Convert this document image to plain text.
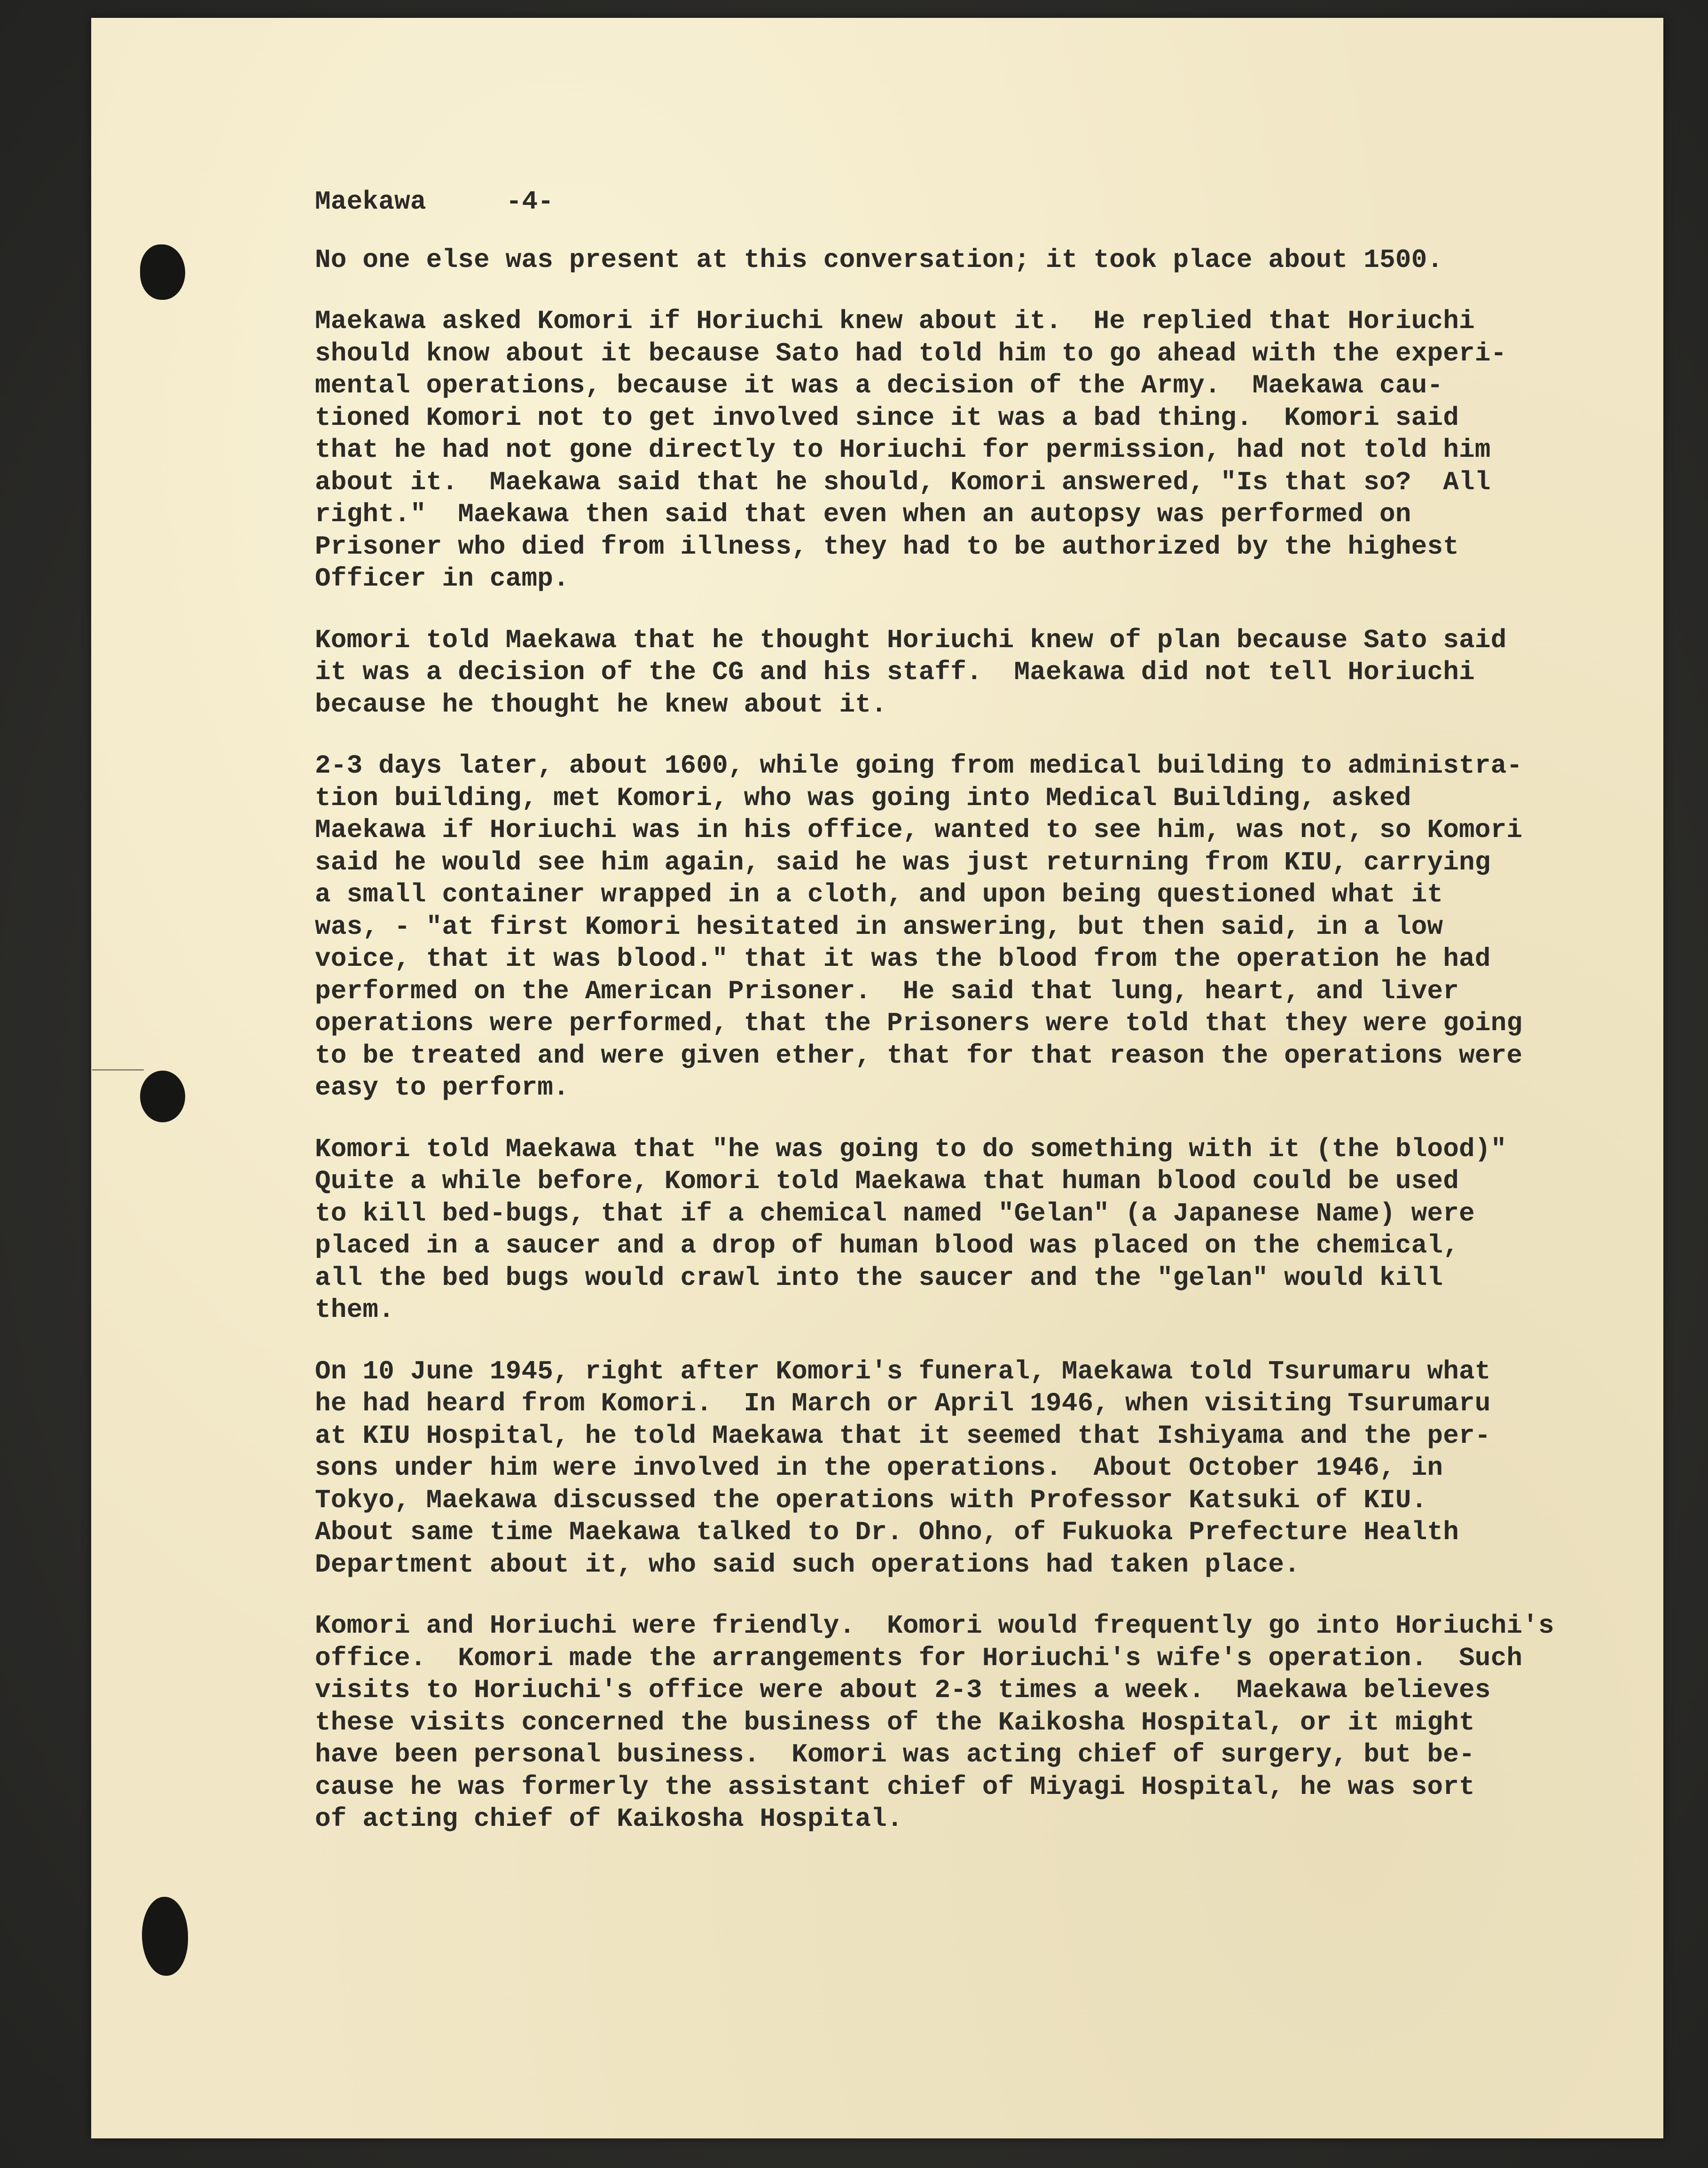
Maekawa	-4-
No one else was present at this conversation; it took place about 1500.
Maekawa asked Komori if Horiuchi knew about it.  He replied that Horiuchi
should know about it because Sato had told him to go ahead with the experi-
mental operations, because it was a decision of the Army.  Maekawa cau-
tioned Komori not to get involved since it was a bad thing.  Komori said
that he had not gone directly to Horiuchi for permission, had not told him
about it.  Maekawa said that he should, Komori answered, "Is that so?  All
right."  Maekawa then said that even when an autopsy was performed on
Prisoner who died from illness, they had to be authorized by the highest
Officer in camp.
Komori told Maekawa that he thought Horiuchi knew of plan because Sato said
it was a decision of the CG and his staff.  Maekawa did not tell Horiuchi
because he thought he knew about it.
2-3 days later, about 1600, while going from medical building to administra-
tion building, met Komori, who was going into Medical Building, asked
Maekawa if Horiuchi was in his office, wanted to see him, was not, so Komori
said he would see him again, said he was just returning from KIU, carrying
a small container wrapped in a cloth, and upon being questioned what it
was, - "at first Komori hesitated in answering, but then said, in a low
voice, that it was blood." that it was the blood from the operation he had
performed on the American Prisoner.  He said that lung, heart, and liver
operations were performed, that the Prisoners were told that they were going
to be treated and were given ether, that for that reason the operations were
easy to perform.
Komori told Maekawa that "he was going to do something with it (the blood)"
Quite a while before, Komori told Maekawa that human blood could be used
to kill bed-bugs, that if a chemical named "Gelan" (a Japanese Name) were
placed in a saucer and a drop of human blood was placed on the chemical,
all the bed bugs would crawl into the saucer and the "gelan" would kill
them.
On 10 June 1945, right after Komori's funeral, Maekawa told Tsurumaru what
he had heard from Komori.  In March or April 1946, when visiting Tsurumaru
at KIU Hospital, he told Maekawa that it seemed that Ishiyama and the per-
sons under him were involved in the operations.  About October 1946, in
Tokyo, Maekawa discussed the operations with Professor Katsuki of KIU.
About same time Maekawa talked to Dr. Ohno, of Fukuoka Prefecture Health
Department about it, who said such operations had taken place.
Komori and Horiuchi were friendly.  Komori would frequently go into Horiuchi's
office.  Komori made the arrangements for Horiuchi's wife's operation.  Such
visits to Horiuchi's office were about 2-3 times a week.  Maekawa believes
these visits concerned the business of the Kaikosha Hospital, or it might
have been personal business.  Komori was acting chief of surgery, but be-
cause he was formerly the assistant chief of Miyagi Hospital, he was sort
of acting chief of Kaikosha Hospital.
